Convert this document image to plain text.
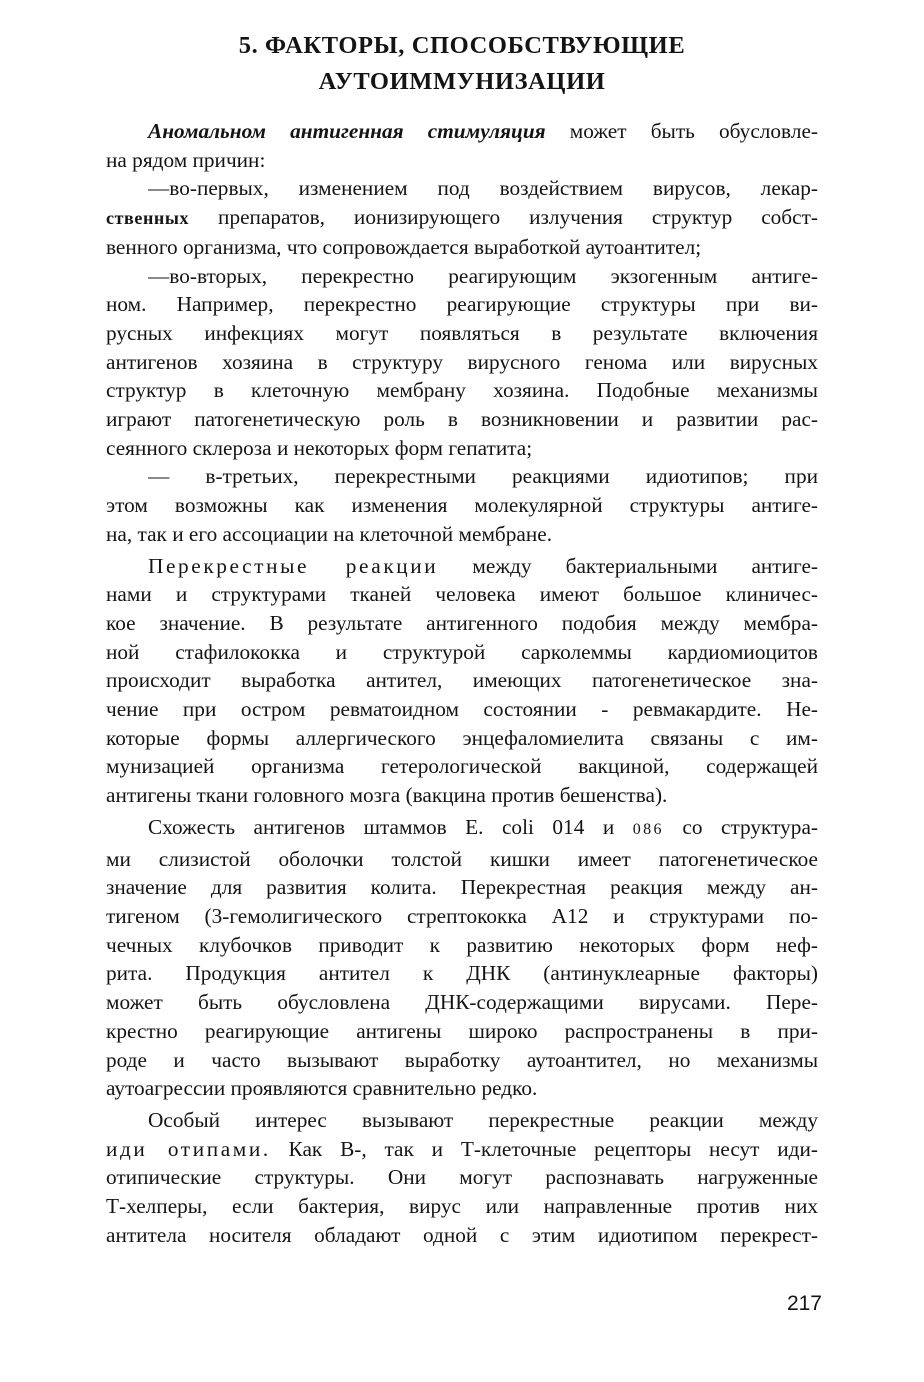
5. ФАКТОРЫ, СПОСОБСТВУЮЩИЕ
АУТОИММУНИЗАЦИИ

Аномальном антигенная стимуляция может быть обусловле-

на рядом причин:

—во-первых, изменением под воздействием вирусов, лекар-

ственных препаратов, ионизирующего излучения структур собст-

венного организма, что сопровождается выработкой аутоантител;

—во-вторых, перекрестно реагирующим экзогенным антиге-

ном. Например, перекрестно реагирующие структуры при ви-

русных инфекциях могут появляться в результате включения

антигенов хозяина в структуру вирусного генома или вирусных

структур в клеточную мембрану хозяина. Подобные механизмы

играют патогенетическую роль в возникновении и развитии рас-

сеянного склероза и некоторых форм гепатита;

— в-третьих, перекрестными реакциями идиотипов; при

этом возможны как изменения молекулярной структуры антиге-

на, так и его ассоциации на клеточной мембране.

Перекрестные реакции между бактериальными антиге-

нами и структурами тканей человека имеют большое клиничес-

кое значение. В результате антигенного подобия между мембра-

ной стафилококка и структурой сарколеммы кардиомиоцитов

происходит выработка антител, имеющих патогенетическое зна-

чение при остром ревматоидном состоянии - ревмакардите. Не-

которые формы аллергического энцефаломиелита связаны с им-

мунизацией организма гетерологической вакциной, содержащей

антигены ткани головного мозга (вакцина против бешенства).

Схожесть антигенов штаммов E. coli 014 и 086 со структура-

ми слизистой оболочки толстой кишки имеет патогенетическое

значение для развития колита. Перекрестная реакция между ан-

тигеном (3-гемолигического стрептококка А12 и структурами по-

чечных клубочков приводит к развитию некоторых форм неф-

рита. Продукция антител к ДНК (антинуклеарные факторы)

может быть обусловлена ДНК-содержащими вирусами. Пере-

крестно реагирующие антигены широко распространены в при-

роде и часто вызывают выработку аутоантител, но механизмы

аутоагрессии проявляются сравнительно редко.

Особый интерес вызывают перекрестные реакции между

иди отипами. Как В-, так и Т-клеточные рецепторы несут иди-

отипические структуры. Они могут распознавать нагруженные

Т-хелперы, если бактерия, вирус или направленные против них

антитела носителя обладают одной с этим идиотипом перекрест-

217
